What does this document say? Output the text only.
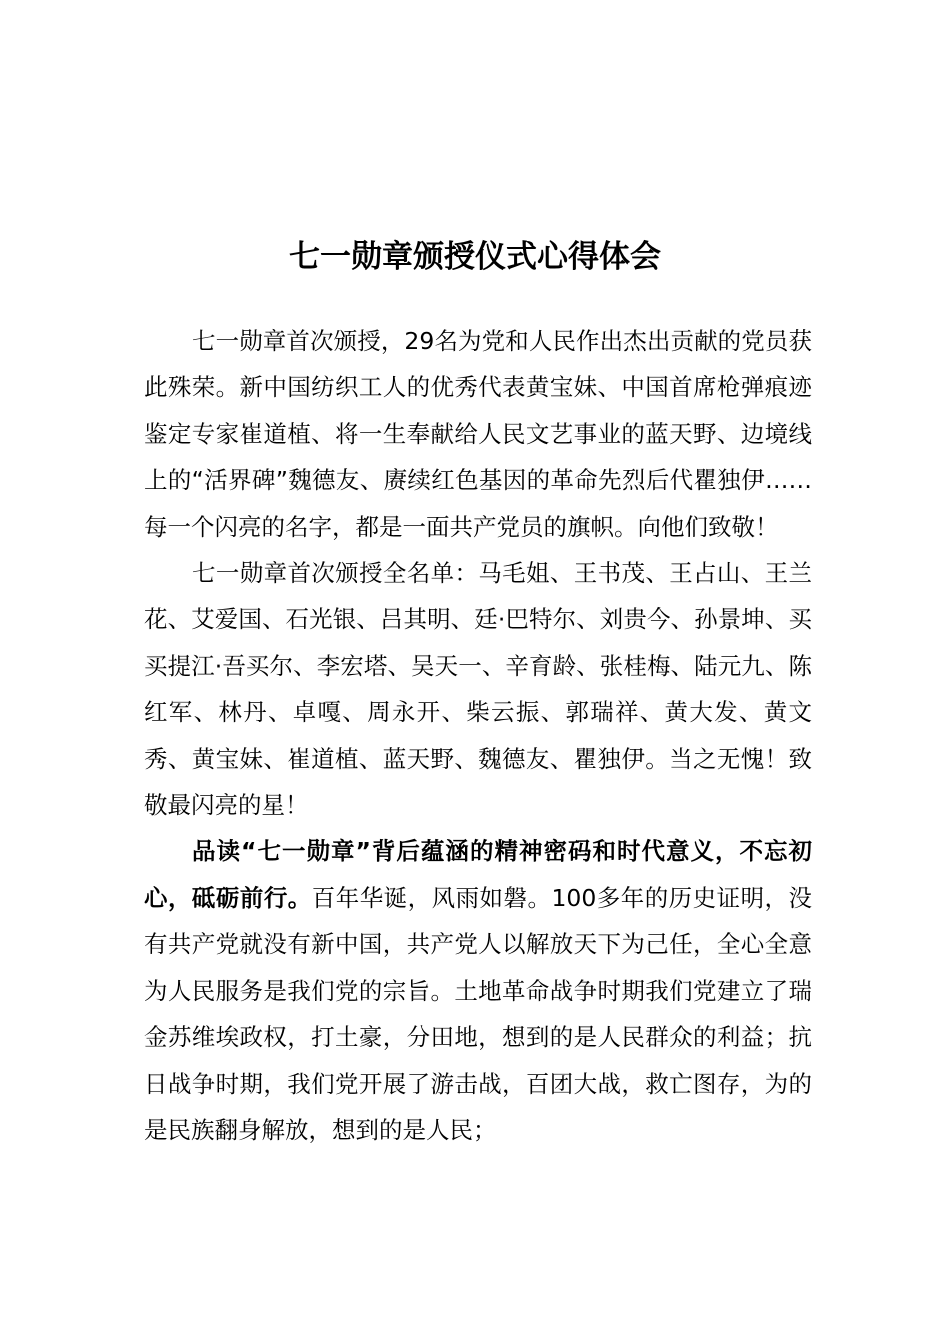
七一勋章颁授仪式心得体会

七一勋章首次颁授，29名为党和人民作出杰出贡献的党员获此殊荣。新中国纺织工人的优秀代表黄宝妹、中国首席枪弹痕迹鉴定专家崔道植、将一生奉献给人民文艺事业的蓝天野、边境线上的“活界碑”魏德友、赓续红色基因的革命先烈后代瞿独伊……每一个闪亮的名字，都是一面共产党员的旗帜。向他们致敬！

七一勋章首次颁授全名单：马毛姐、王书茂、王占山、王兰花、艾爱国、石光银、吕其明、廷·巴特尔、刘贵今、孙景坤、买买提江·吾买尔、李宏塔、吴天一、辛育龄、张桂梅、陆元九、陈红军、林丹、卓嘎、周永开、柴云振、郭瑞祥、黄大发、黄文秀、黄宝妹、崔道植、蓝天野、魏德友、瞿独伊。当之无愧！致敬最闪亮的星！

品读“七一勋章”背后蕴涵的精神密码和时代意义，不忘初心，砥砺前行。百年华诞，风雨如磐。100多年的历史证明，没有共产党就没有新中国，共产党人以解放天下为己任，全心全意为人民服务是我们党的宗旨。土地革命战争时期我们党建立了瑞金苏维埃政权，打土豪，分田地，想到的是人民群众的利益；抗日战争时期，我们党开展了游击战，百团大战，救亡图存，为的是民族翻身解放，想到的是人民；
